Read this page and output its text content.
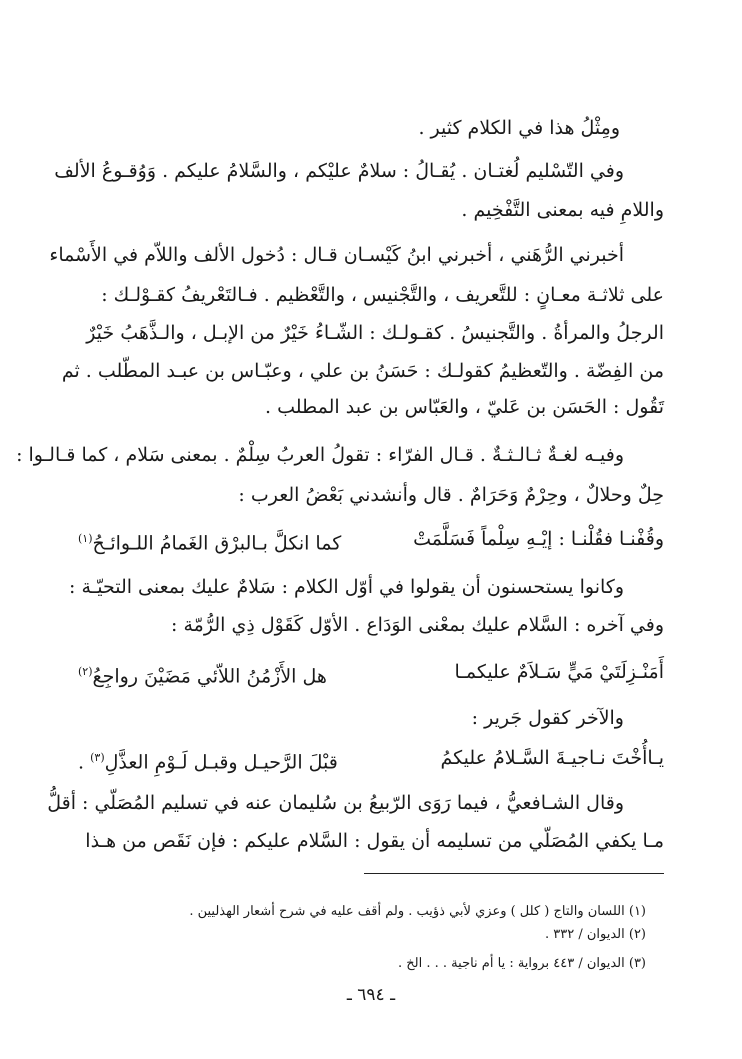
ومِثْلُ هذا في الكلام كثير .
وفي التّسْليم لُغتـان . يُقـالُ : سلامٌ عليْكم ، والسَّلامُ عليكم . وَوُقـوعُ الألف
واللامِ فيه بمعنى التَّفْخِيم .
أخبرني الرُّهَني ، أخبرني ابنُ كَيْسـان قـال : دُخول الألف واللاّم في الأَسْماء
على ثلاثـة معـانٍ : للتَّعريف ، والتَّجْنيس ، والتَّعْظيم . فـالتَعْريفُ كقـوْلـك :
الرجلُ والمرأةُ . والتَّجنيسُ . كقـولـك : الشّـاءُ خَيْرٌ من الإبـل ، والـذَّهَبُ خَيْرٌ
من الفِضّة . والتّعظيمُ كقولـك : حَسَنُ بن علي ، وعبّـاس بن عبـد المطّلب . ثم
تَقُول : الحَسَن بن عَليّ ، والعَبّاس بن عبد المطلب .
وفيـه لغـةٌ ثـالـثـةٌ . قـال الفرّاء : تقولُ العربُ سِلْمٌ . بمعنى سَلام ، كما قـالـوا :
حِلٌ وحلالٌ ، وحِرْمٌ وَحَرَامٌ . قال وأنشدني بَعْضُ العرب :
وقُفْنـا فقُلْنـا : إيْـهِ سِلْماً فَسَلَّمَتْ
كما انكلَّ بـالبرْق الغَمامُ اللـوائـحُ$^{(١)}$
وكانوا يستحسنون أن يقولوا في أوّل الكلام : سَلامٌ عليك بمعنى التحيّـة :
وفي آخره : السَّلام عليك بمعْنى الوَدَاع . الأوّل كَقَوْل ذِي الرُّمّة :
أَمَنْـزِلَتَيْ مَيٍّ سَـلاَمٌ عليكمـا
هل الأَزْمُنُ اللاّئي مَضَيْنَ رواجِعُ$^{(٢)}$
والآخر كقول جَرير :
يـاأُخْتَ نـاجيـةَ السَّـلامُ عليكمُ
قبْلَ الرَّحيـل وقبـل لَـوْمِ العذَّلِ$^{(٣)}$ .
وقال الشـافعيُّ ، فيما رَوَى الرّبيعُ بن سُليمان عنه في تسليم المُصَلّي : أقلُّ
مـا يكفي المُصَلّي من تسليمه أن يقول : السَّلام عليكم : فإن نَقَص من هـذا
(١) اللسان والتاج ( كلل ) وعزي لأبي ذؤيب . ولم أقف عليه في شرح أشعار الهذليين .
(٢) الديوان / ٣٣٢ .
(٣) الديوان / ٤٤٣ برواية : يا أم ناجية . . . الخ .
ـ ٦٩٤ ـ
